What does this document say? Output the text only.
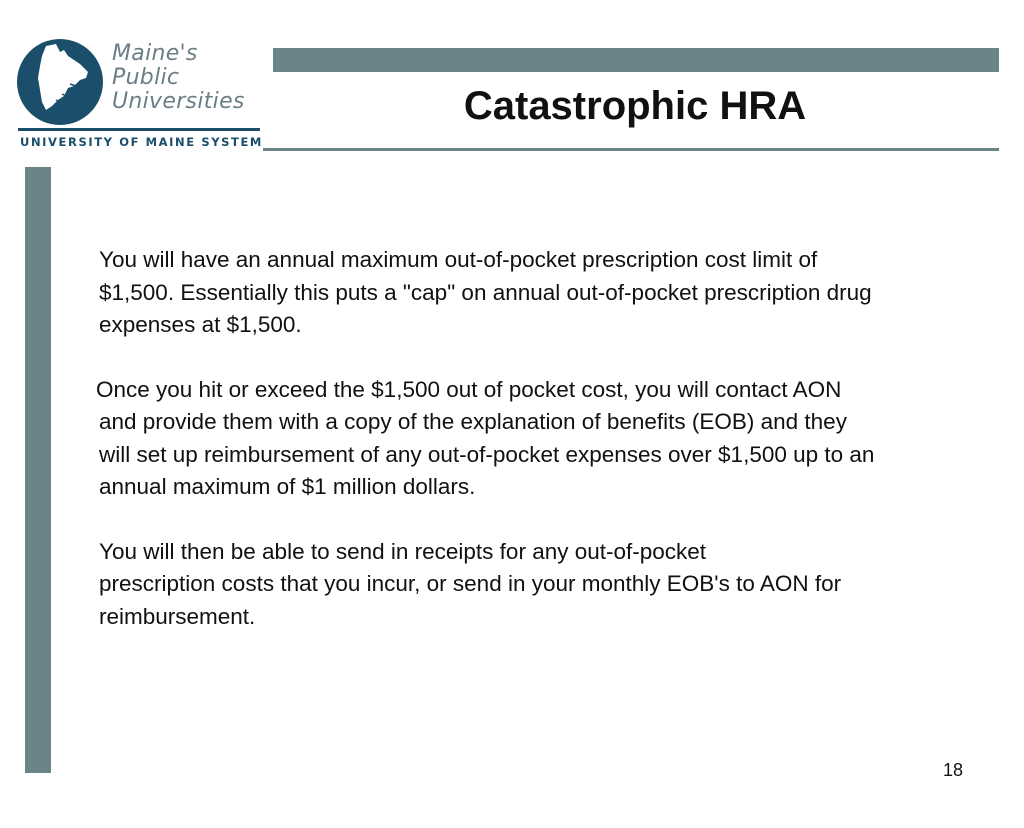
Maine's
Public
Universities
UNIVERSITY OF MAINE SYSTEM
Catastrophic HRA

You will have an annual maximum out-of-pocket prescription cost limit of
$1,500. Essentially this puts a "cap" on annual out-of-pocket prescription drug
expenses at $1,500.

Once you hit or exceed the $1,500 out of pocket cost, you will contact AON
and provide them with a copy of the explanation of benefits (EOB) and they
will set up reimbursement of any out-of-pocket expenses over $1,500 up to an
annual maximum of $1 million dollars.

You will then be able to send in receipts for any out-of-pocket
prescription costs that you incur, or send in your monthly EOB's to AON for
reimbursement.

18
